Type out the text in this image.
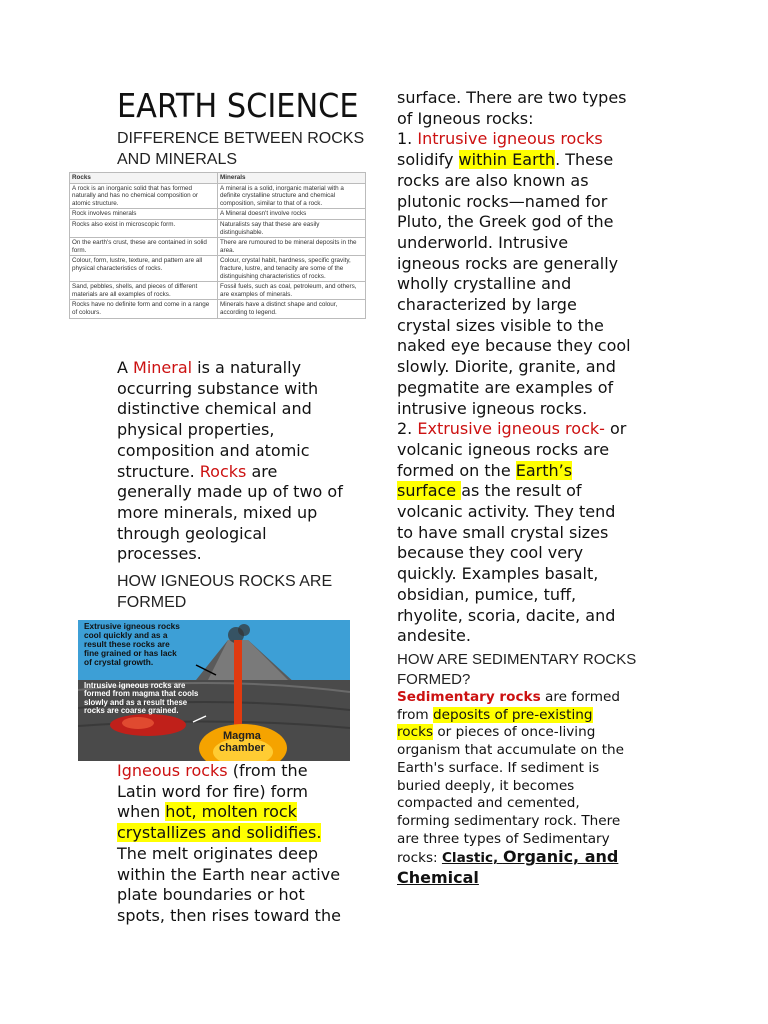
EARTH SCIENCE
DIFFERENCE BETWEEN ROCKS
AND MINERALS
Rocks	Minerals
A rock is an inorganic solid that has formed naturally and has no chemical composition or atomic structure.	A mineral is a solid, inorganic material with a definite crystalline structure and chemical composition, similar to that of a rock.
Rock involves minerals	A Mineral doesn't involve rocks
Rocks also exist in microscopic form.	Naturalists say that these are easily distinguishable.
On the earth's crust, these are contained in solid form.	There are rumoured to be mineral deposits in the area.
Colour, form, lustre, texture, and pattern are all physical characteristics of rocks.	Colour, crystal habit, hardness, specific gravity, fracture, lustre, and tenacity are some of the distinguishing characteristics of rocks.
Sand, pebbles, shells, and pieces of different materials are all examples of rocks.	Fossil fuels, such as coal, petroleum, and others, are examples of minerals.
Rocks have no definite form and come in a range of colours.	Minerals have a distinct shape and colour, according to legend.
A Mineral is a naturally
occurring substance with
distinctive chemical and
physical properties,
composition and atomic
structure. Rocks are
generally made up of two of
more minerals, mixed up
through geological
processes.
HOW IGNEOUS ROCKS ARE
FORMED
Extrusive igneous rocks
cool quickly and as a
result these rocks are
fine grained or has lack
of crystal growth.
Intrusive igneous rocks are
formed from magma that cools
slowly and as a result these
rocks are coarse grained.
Magma
chamber
Igneous rocks (from the
Latin word for fire) form
when hot, molten rock
crystallizes and solidifies.
The melt originates deep
within the Earth near active
plate boundaries or hot
spots, then rises toward the
surface. There are two types
of Igneous rocks:
1. Intrusive igneous rocks
solidify within Earth. These
rocks are also known as
plutonic rocks—named for
Pluto, the Greek god of the
underworld. Intrusive
igneous rocks are generally
wholly crystalline and
characterized by large
crystal sizes visible to the
naked eye because they cool
slowly. Diorite, granite, and
pegmatite are examples of
intrusive igneous rocks.
2. Extrusive igneous rock- or
volcanic igneous rocks are
formed on the Earth’s
surface as the result of
volcanic activity. They tend
to have small crystal sizes
because they cool very
quickly. Examples basalt,
obsidian, pumice, tuff,
rhyolite, scoria, dacite, and
andesite.
HOW ARE SEDIMENTARY ROCKS
FORMED?
Sedimentary rocks are formed
from deposits of pre-existing
rocks or pieces of once-living
organism that accumulate on the
Earth's surface. If sediment is
buried deeply, it becomes
compacted and cemented,
forming sedimentary rock. There
are three types of Sedimentary
rocks: Clastic, Organic, and
Chemical
